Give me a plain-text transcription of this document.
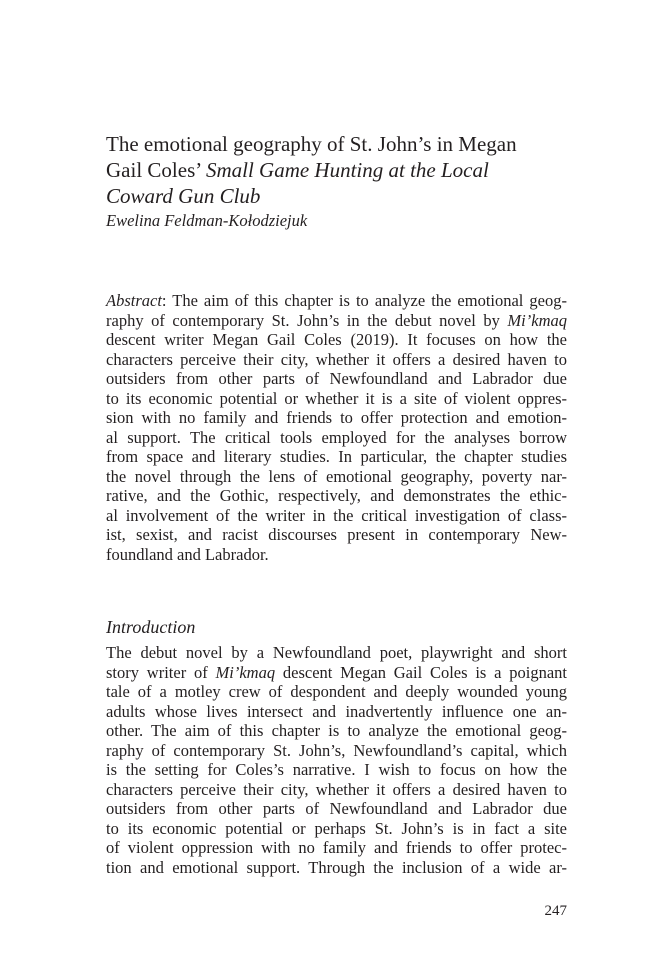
The emotional geography of St. John’s in Megan
Gail Coles’ Small Game Hunting at the Local
Coward Gun Club

Ewelina Feldman-Kołodziejuk

Abstract: The aim of this chapter is to analyze the emotional geog-
raphy of contemporary St. John’s in the debut novel by Mi’kmaq
descent writer Megan Gail Coles (2019). It focuses on how the
characters perceive their city, whether it offers a desired haven to
outsiders from other parts of Newfoundland and Labrador due
to its economic potential or whether it is a site of violent oppres-
sion with no family and friends to offer protection and emotion-
al support. The critical tools employed for the analyses borrow
from space and literary studies. In particular, the chapter studies
the novel through the lens of emotional geography, poverty nar-
rative, and the Gothic, respectively, and demonstrates the ethic-
al involvement of the writer in the critical investigation of class-
ist, sexist, and racist discourses present in contemporary New-
foundland and Labrador.
Introduction
The debut novel by a Newfoundland poet, playwright and short
story writer of Mi’kmaq descent Megan Gail Coles is a poignant
tale of a motley crew of despondent and deeply wounded young
adults whose lives intersect and inadvertently influence one an-
other. The aim of this chapter is to analyze the emotional geog-
raphy of contemporary St. John’s, Newfoundland’s capital, which
is the setting for Coles’s narrative. I wish to focus on how the
characters perceive their city, whether it offers a desired haven to
outsiders from other parts of Newfoundland and Labrador due
to its economic potential or perhaps St. John’s is in fact a site
of violent oppression with no family and friends to offer protec-
tion and emotional support. Through the inclusion of a wide ar-
247
